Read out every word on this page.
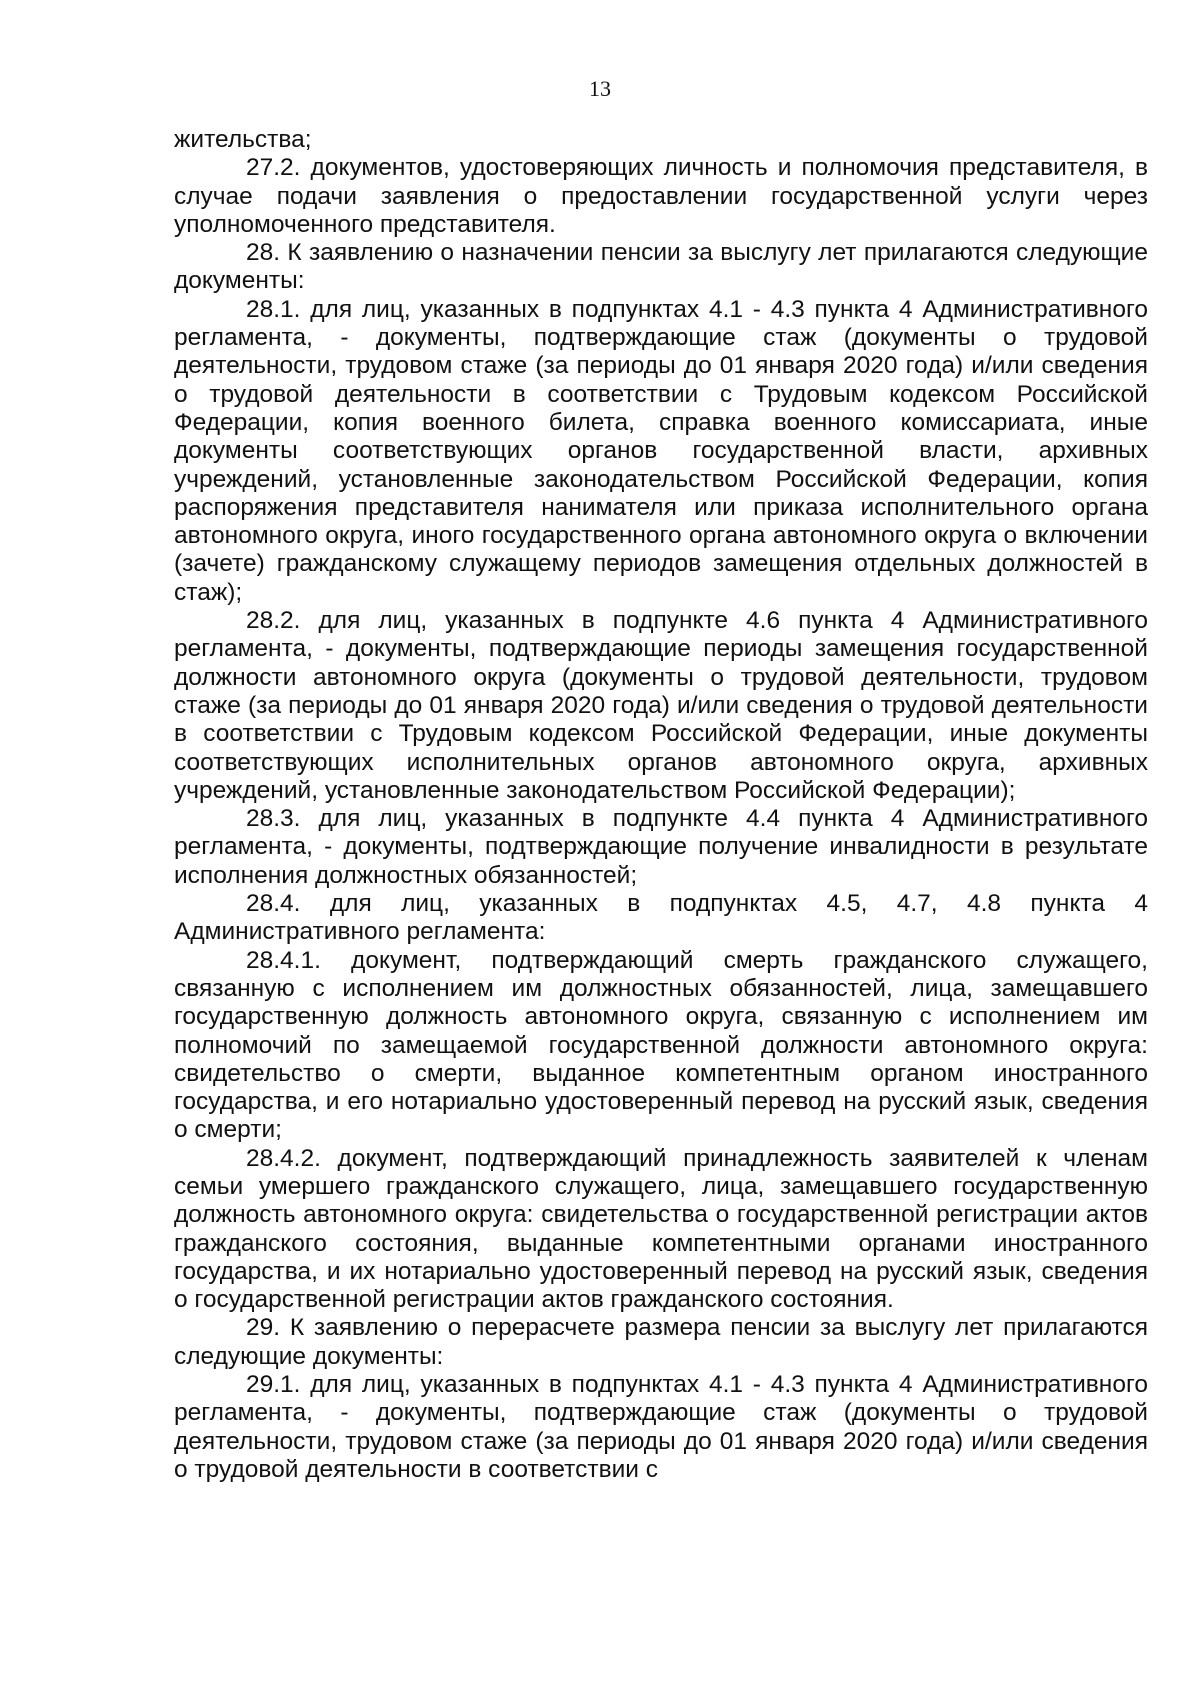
13

жительства;

27.2. документов, удостоверяющих личность и полномочия представителя, в случае подачи заявления о предоставлении государственной услуги через уполномоченного представителя.

28. К заявлению о назначении пенсии за выслугу лет прилагаются следующие документы:

28.1. для лиц, указанных в подпунктах 4.1 - 4.3 пункта 4 Административного регламента, - документы, подтверждающие стаж (документы о трудовой деятельности, трудовом стаже (за периоды до 01 января 2020 года) и/или сведения о трудовой деятельности в соответствии с Трудовым кодексом Российской Федерации, копия военного билета, справка военного комиссариата, иные документы соответствующих органов государственной власти, архивных учреждений, установленные законодательством Российской Федерации, копия распоряжения представителя нанимателя или приказа исполнительного органа автономного округа, иного государственного органа автономного округа о включении (зачете) гражданскому служащему периодов замещения отдельных должностей в стаж);

28.2. для лиц, указанных в подпункте 4.6 пункта 4 Административного регламента, - документы, подтверждающие периоды замещения государственной должности автономного округа (документы о трудовой деятельности, трудовом стаже (за периоды до 01 января 2020 года) и/или сведения о трудовой деятельности в соответствии с Трудовым кодексом Российской Федерации, иные документы соответствующих исполнительных органов автономного округа, архивных учреждений, установленные законодательством Российской Федерации);

28.3. для лиц, указанных в подпункте 4.4 пункта 4 Административного регламента, - документы, подтверждающие получение инвалидности в результате исполнения должностных обязанностей;

28.4. для лиц, указанных в подпунктах 4.5, 4.7, 4.8 пункта 4 Административного регламента:

28.4.1. документ, подтверждающий смерть гражданского служащего, связанную с исполнением им должностных обязанностей, лица, замещавшего государственную должность автономного округа, связанную с исполнением им полномочий по замещаемой государственной должности автономного округа: свидетельство о смерти, выданное компетентным органом иностранного государства, и его нотариально удостоверенный перевод на русский язык, сведения о смерти;

28.4.2. документ, подтверждающий принадлежность заявителей к членам семьи умершего гражданского служащего, лица, замещавшего государственную должность автономного округа: свидетельства о государственной регистрации актов гражданского состояния, выданные компетентными органами иностранного государства, и их нотариально удостоверенный перевод на русский язык, сведения о государственной регистрации актов гражданского состояния.

29. К заявлению о перерасчете размера пенсии за выслугу лет прилагаются следующие документы:

29.1. для лиц, указанных в подпунктах 4.1 - 4.3 пункта 4 Административного регламента, - документы, подтверждающие стаж (документы о трудовой деятельности, трудовом стаже (за периоды до 01 января 2020 года) и/или сведения о трудовой деятельности в соответствии с
